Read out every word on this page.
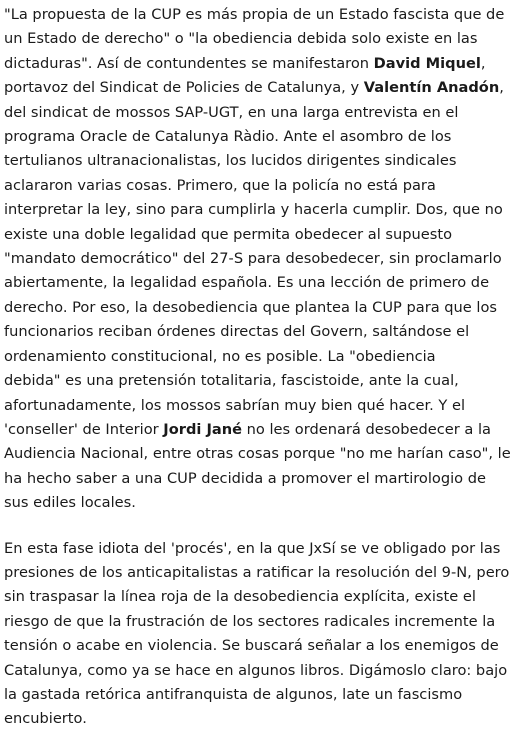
"La propuesta de la CUP es más propia de un Estado fascista que de
un Estado de derecho" o "la obediencia debida solo existe en las
dictaduras". Así de contundentes se manifestaron David Miquel,
portavoz del Sindicat de Policies de Catalunya, y Valentín Anadón,
del sindicat de mossos SAP-UGT, en una larga entrevista en el
programa Oracle de Catalunya Ràdio. Ante el asombro de los
tertulianos ultranacionalistas, los lucidos dirigentes sindicales
aclararon varias cosas. Primero, que la policía no está para
interpretar la ley, sino para cumplirla y hacerla cumplir. Dos, que no
existe una doble legalidad que permita obedecer al supuesto
"mandato democrático" del 27-S para desobedecer, sin proclamarlo
abiertamente, la legalidad española. Es una lección de primero de
derecho. Por eso, la desobediencia que plantea la CUP para que los
funcionarios reciban órdenes directas del Govern, saltándose el
ordenamiento constitucional, no es posible. La "obediencia
debida" es una pretensión totalitaria, fascistoide, ante la cual,
afortunadamente, los mossos sabrían muy bien qué hacer. Y el
'conseller' de Interior Jordi Jané no les ordenará desobedecer a la
Audiencia Nacional, entre otras cosas porque "no me harían caso", le
ha hecho saber a una CUP decidida a promover el martirologio de
sus ediles locales.
En esta fase idiota del 'procés', en la que JxSí se ve obligado por las
presiones de los anticapitalistas a ratificar la resolución del 9-N, pero
sin traspasar la línea roja de la desobediencia explícita, existe el
riesgo de que la frustración de los sectores radicales incremente la
tensión o acabe en violencia. Se buscará señalar a los enemigos de
Catalunya, como ya se hace en algunos libros. Digámoslo claro: bajo
la gastada retórica antifranquista de algunos, late un fascismo
encubierto.
